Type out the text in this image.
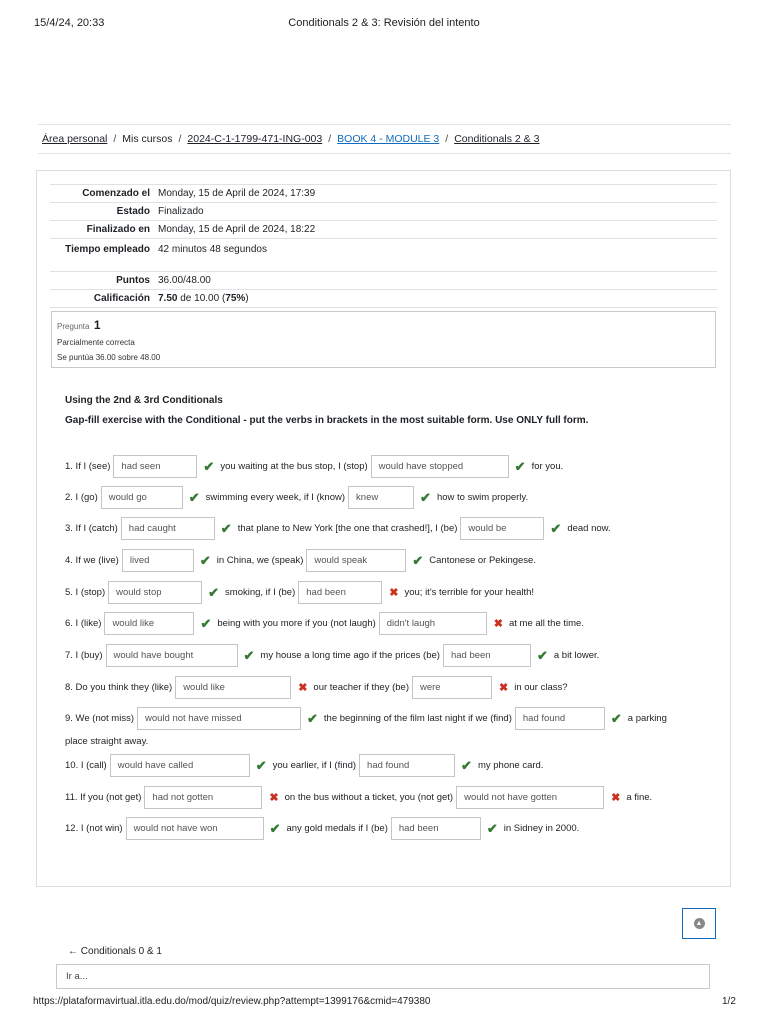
15/4/24, 20:33	Conditionals 2 & 3: Revisión del intento
Área personal / Mis cursos / 2024-C-1-1799-471-ING-003 / BOOK 4 - MODULE 3 / Conditionals 2 & 3
Comenzado el	Monday, 15 de April de 2024, 17:39
Estado	Finalizado
Finalizado en	Monday, 15 de April de 2024, 18:22
Tiempo empleado	42 minutos 48 segundos
Puntos	36.00/48.00
Calificación	7.50 de 10.00 (75%)
Pregunta 1
Parcialmente correcta
Se puntúa 36.00 sobre 48.00
Using the 2nd & 3rd Conditionals
Gap-fill exercise with the Conditional - put the verbs in brackets in the most suitable form. Use ONLY full form.
1. If I (see)	had seen	✔ you waiting at the bus stop, I (stop)	would have stopped	✔ for you.
2. I (go)	would go	✔ swimming every week, if I (know)	knew	✔ how to swim properly.
3. If I (catch)	had caught	✔ that plane to New York [the one that crashed!], I (be)	would be	✔ dead now.
4. If we (live)	lived	✔ in China, we (speak)	would speak	✔ Cantonese or Pekingese.
5. I (stop)	would stop	✔ smoking, if I (be)	had been	✖ you; it's terrible for your health!
6. I (like)	would like	✔ being with you more if you (not laugh)	didn't laugh	✖ at me all the time.
7. I (buy)	would have bought	✔ my house a long time ago if the prices (be)	had been	✔ a bit lower.
8. Do you think they (like)	would like	✖ our teacher if they (be)	were	✖ in our class?
9. We (not miss)	would not have missed	✔ the beginning of the film last night if we (find)	had found	✔ a parking
10. I (call)	would have called	✔ you earlier, if I (find)	had found	✔ my phone card.
11. If you (not get)	had not gotten	✖ on the bus without a ticket, you (not get)	would not have gotten	✖ a fine.
12. I (not win)	would not have won	✔ any gold medals if I (be)	had been	✔ in Sidney in 2000.
place straight away.
▲
← Conditionals 0 & 1
Ir a...
https://plataformavirtual.itla.edu.do/mod/quiz/review.php?attempt=1399176&cmid=479380	1/2
